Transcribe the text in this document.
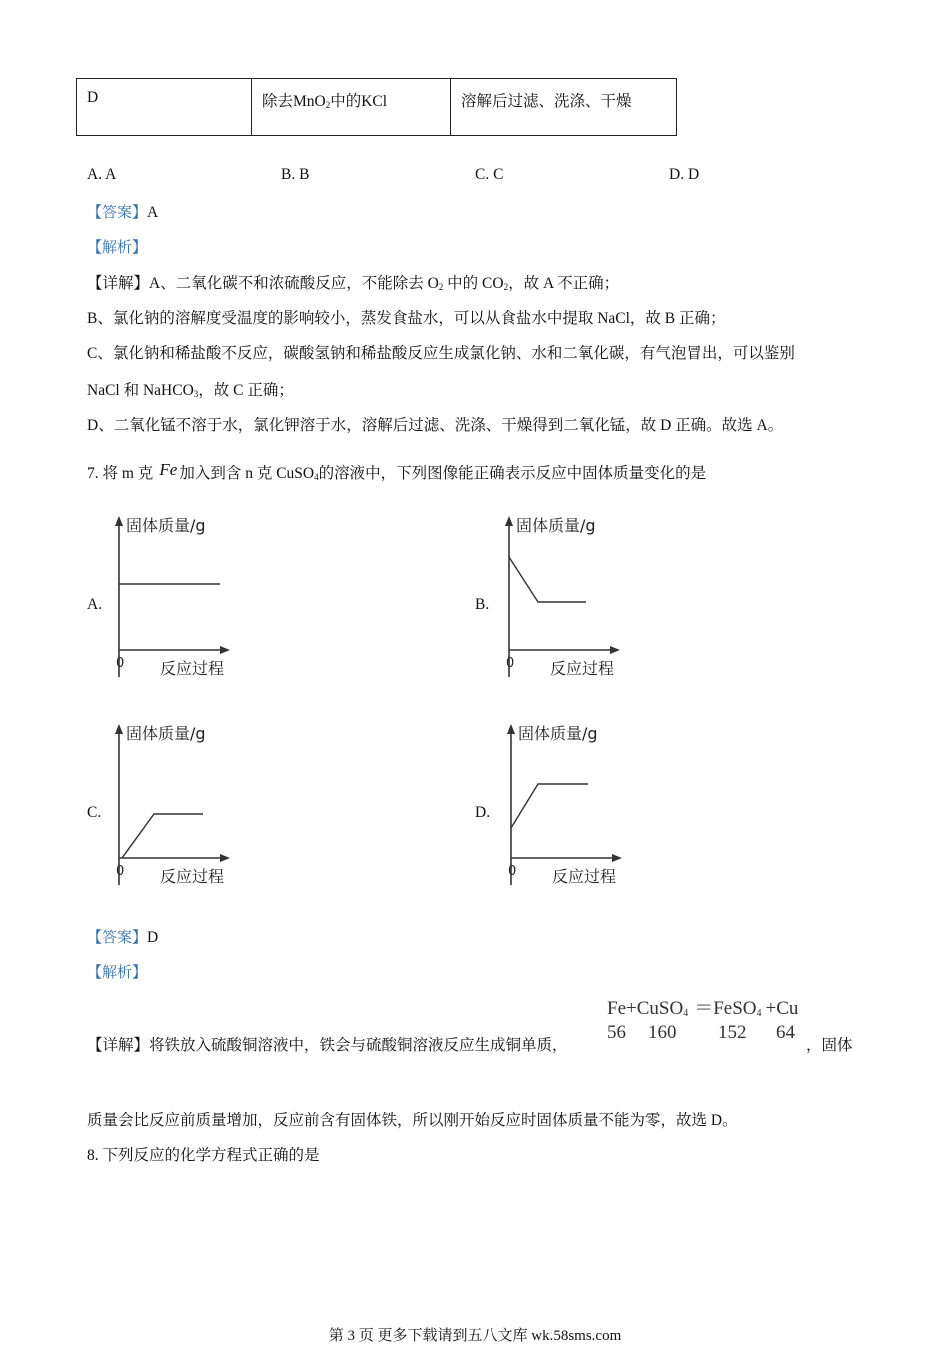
D	除去MnO$_2$中的KCl	溶解后过滤、洗涤、干燥
A. A	B. B	C. C	D. D
【答案】A
【解析】
【详解】A、二氧化碳不和浓硫酸反应，不能除去 $O_2$ 中的 $CO_2$，故 A 不正确；
B、氯化钠的溶解度受温度的影响较小，蒸发食盐水，可以从食盐水中提取 NaCl，故 B 正确；
C、氯化钠和稀盐酸不反应，碳酸氢钠和稀盐酸反应生成氯化钠、水和二氧化碳，有气泡冒出，可以鉴别
NaCl 和 NaHCO$_3$，故 C 正确；
D、二氧化锰不溶于水，氯化钾溶于水，溶解后过滤、洗涤、干燥得到二氧化锰，故 D 正确。故选 A。
7. 将 m 克 Fe 加入到含 n 克 CuSO$_4$的溶液中，下列图像能正确表示反应中固体质量变化的是
A.	B.
C.	D.
固体质量/g
0 反应过程
固体质量/g
0 反应过程
固体质量/g
0 反应过程
固体质量/g
0 反应过程
【答案】D
【解析】
Fe+CuSO$_4$ ＝FeSO$_4$ +Cu
56 160 152 64
【详解】将铁放入硫酸铜溶液中，铁会与硫酸铜溶液反应生成铜单质，	，固体
质量会比反应前质量增加，反应前含有固体铁，所以刚开始反应时固体质量不能为零，故选 D。
8. 下列反应的化学方程式正确的是
第 3 页 更多下载请到五八文库 wk.58sms.com
